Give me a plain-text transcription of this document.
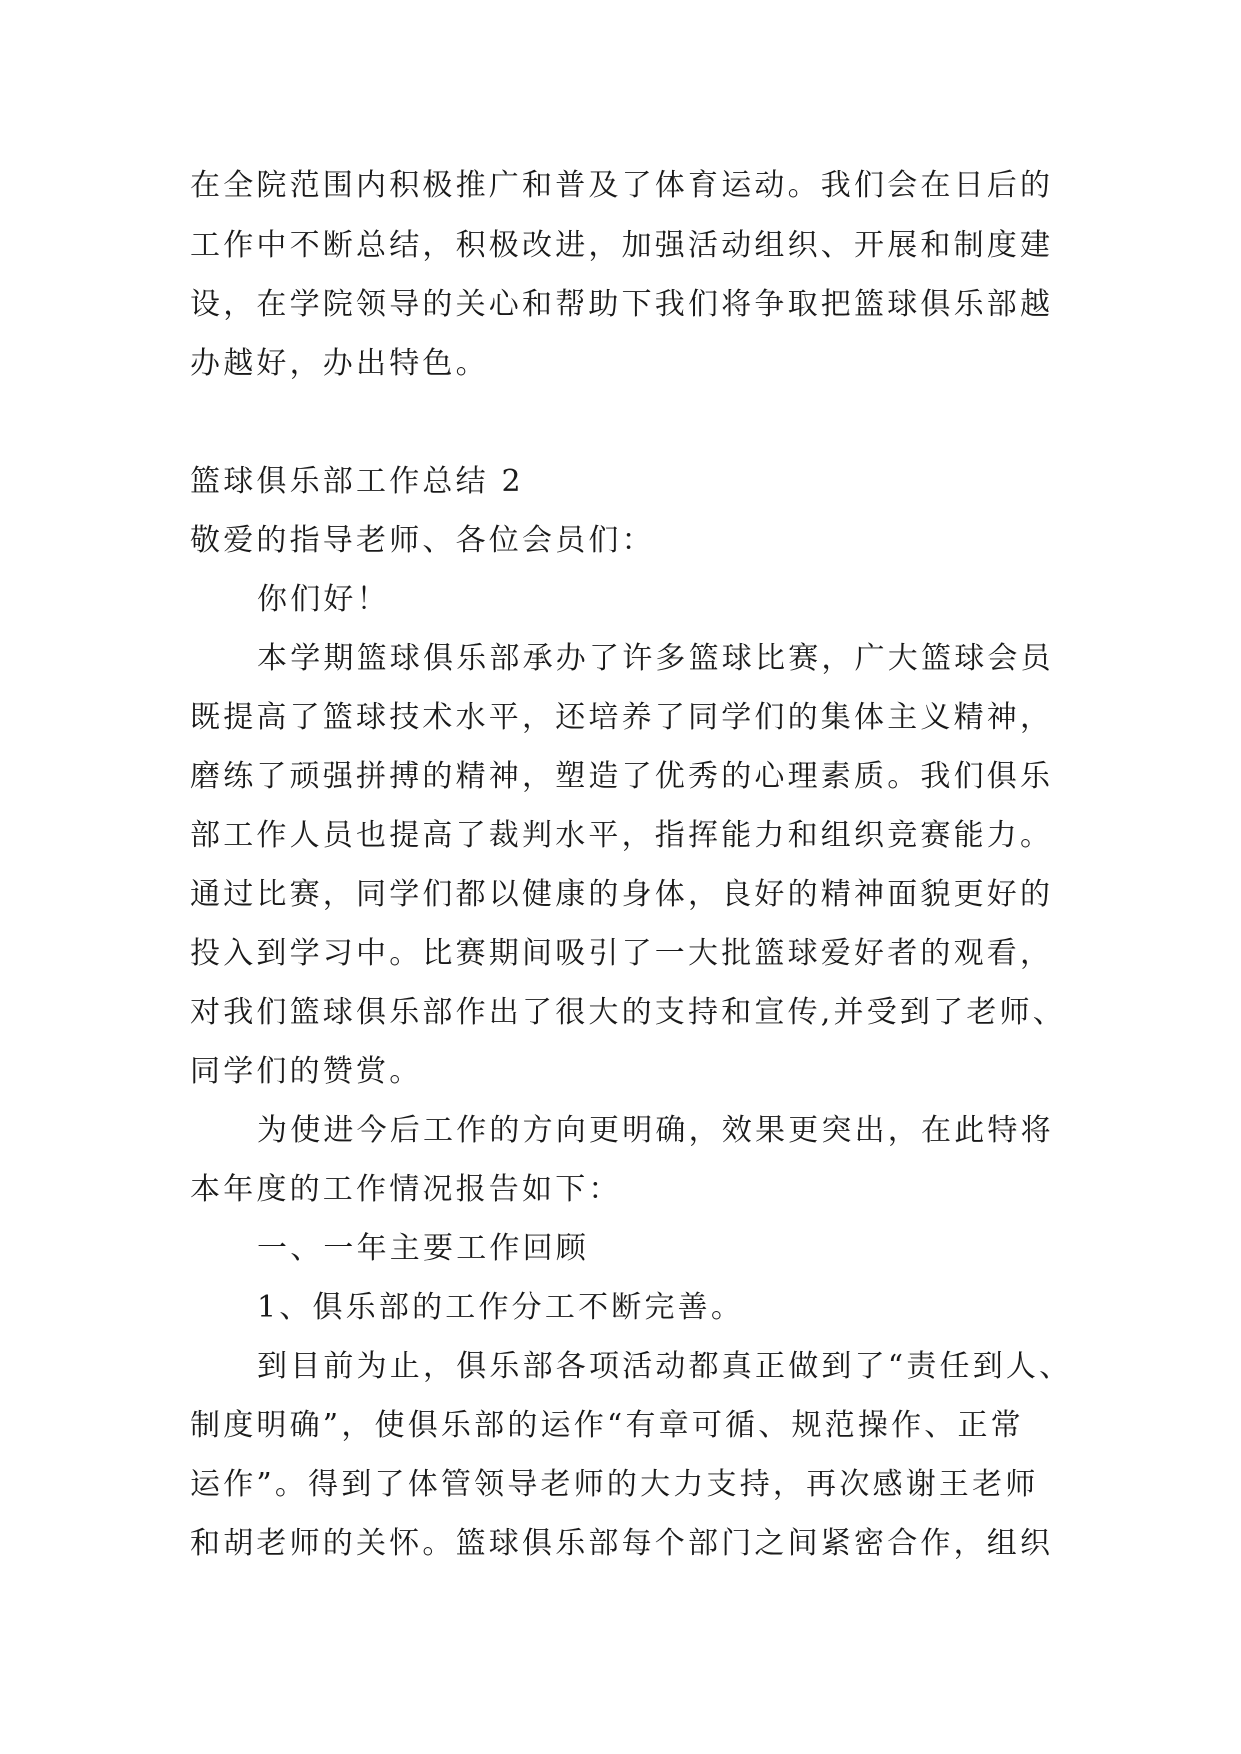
在全院范围内积极推广和普及了体育运动。我们会在日后的
工作中不断总结，积极改进，加强活动组织、开展和制度建
设，在学院领导的关心和帮助下我们将争取把篮球俱乐部越
办越好，办出特色。
篮球俱乐部工作总结 2
敬爱的指导老师、各位会员们：
你们好！
本学期篮球俱乐部承办了许多篮球比赛，广大篮球会员
既提高了篮球技术水平，还培养了同学们的集体主义精神，
磨练了顽强拼搏的精神，塑造了优秀的心理素质。我们俱乐
部工作人员也提高了裁判水平，指挥能力和组织竞赛能力。
通过比赛，同学们都以健康的身体，良好的精神面貌更好的
投入到学习中。比赛期间吸引了一大批篮球爱好者的观看，
对我们篮球俱乐部作出了很大的支持和宣传,并受到了老师、
同学们的赞赏。
为使进今后工作的方向更明确，效果更突出，在此特将
本年度的工作情况报告如下：
一、一年主要工作回顾
1、俱乐部的工作分工不断完善。
到目前为止，俱乐部各项活动都真正做到了“责任到人、
制度明确”，使俱乐部的运作“有章可循、规范操作、正常
运作”。得到了体管领导老师的大力支持，再次感谢王老师
和胡老师的关怀。篮球俱乐部每个部门之间紧密合作，组织
